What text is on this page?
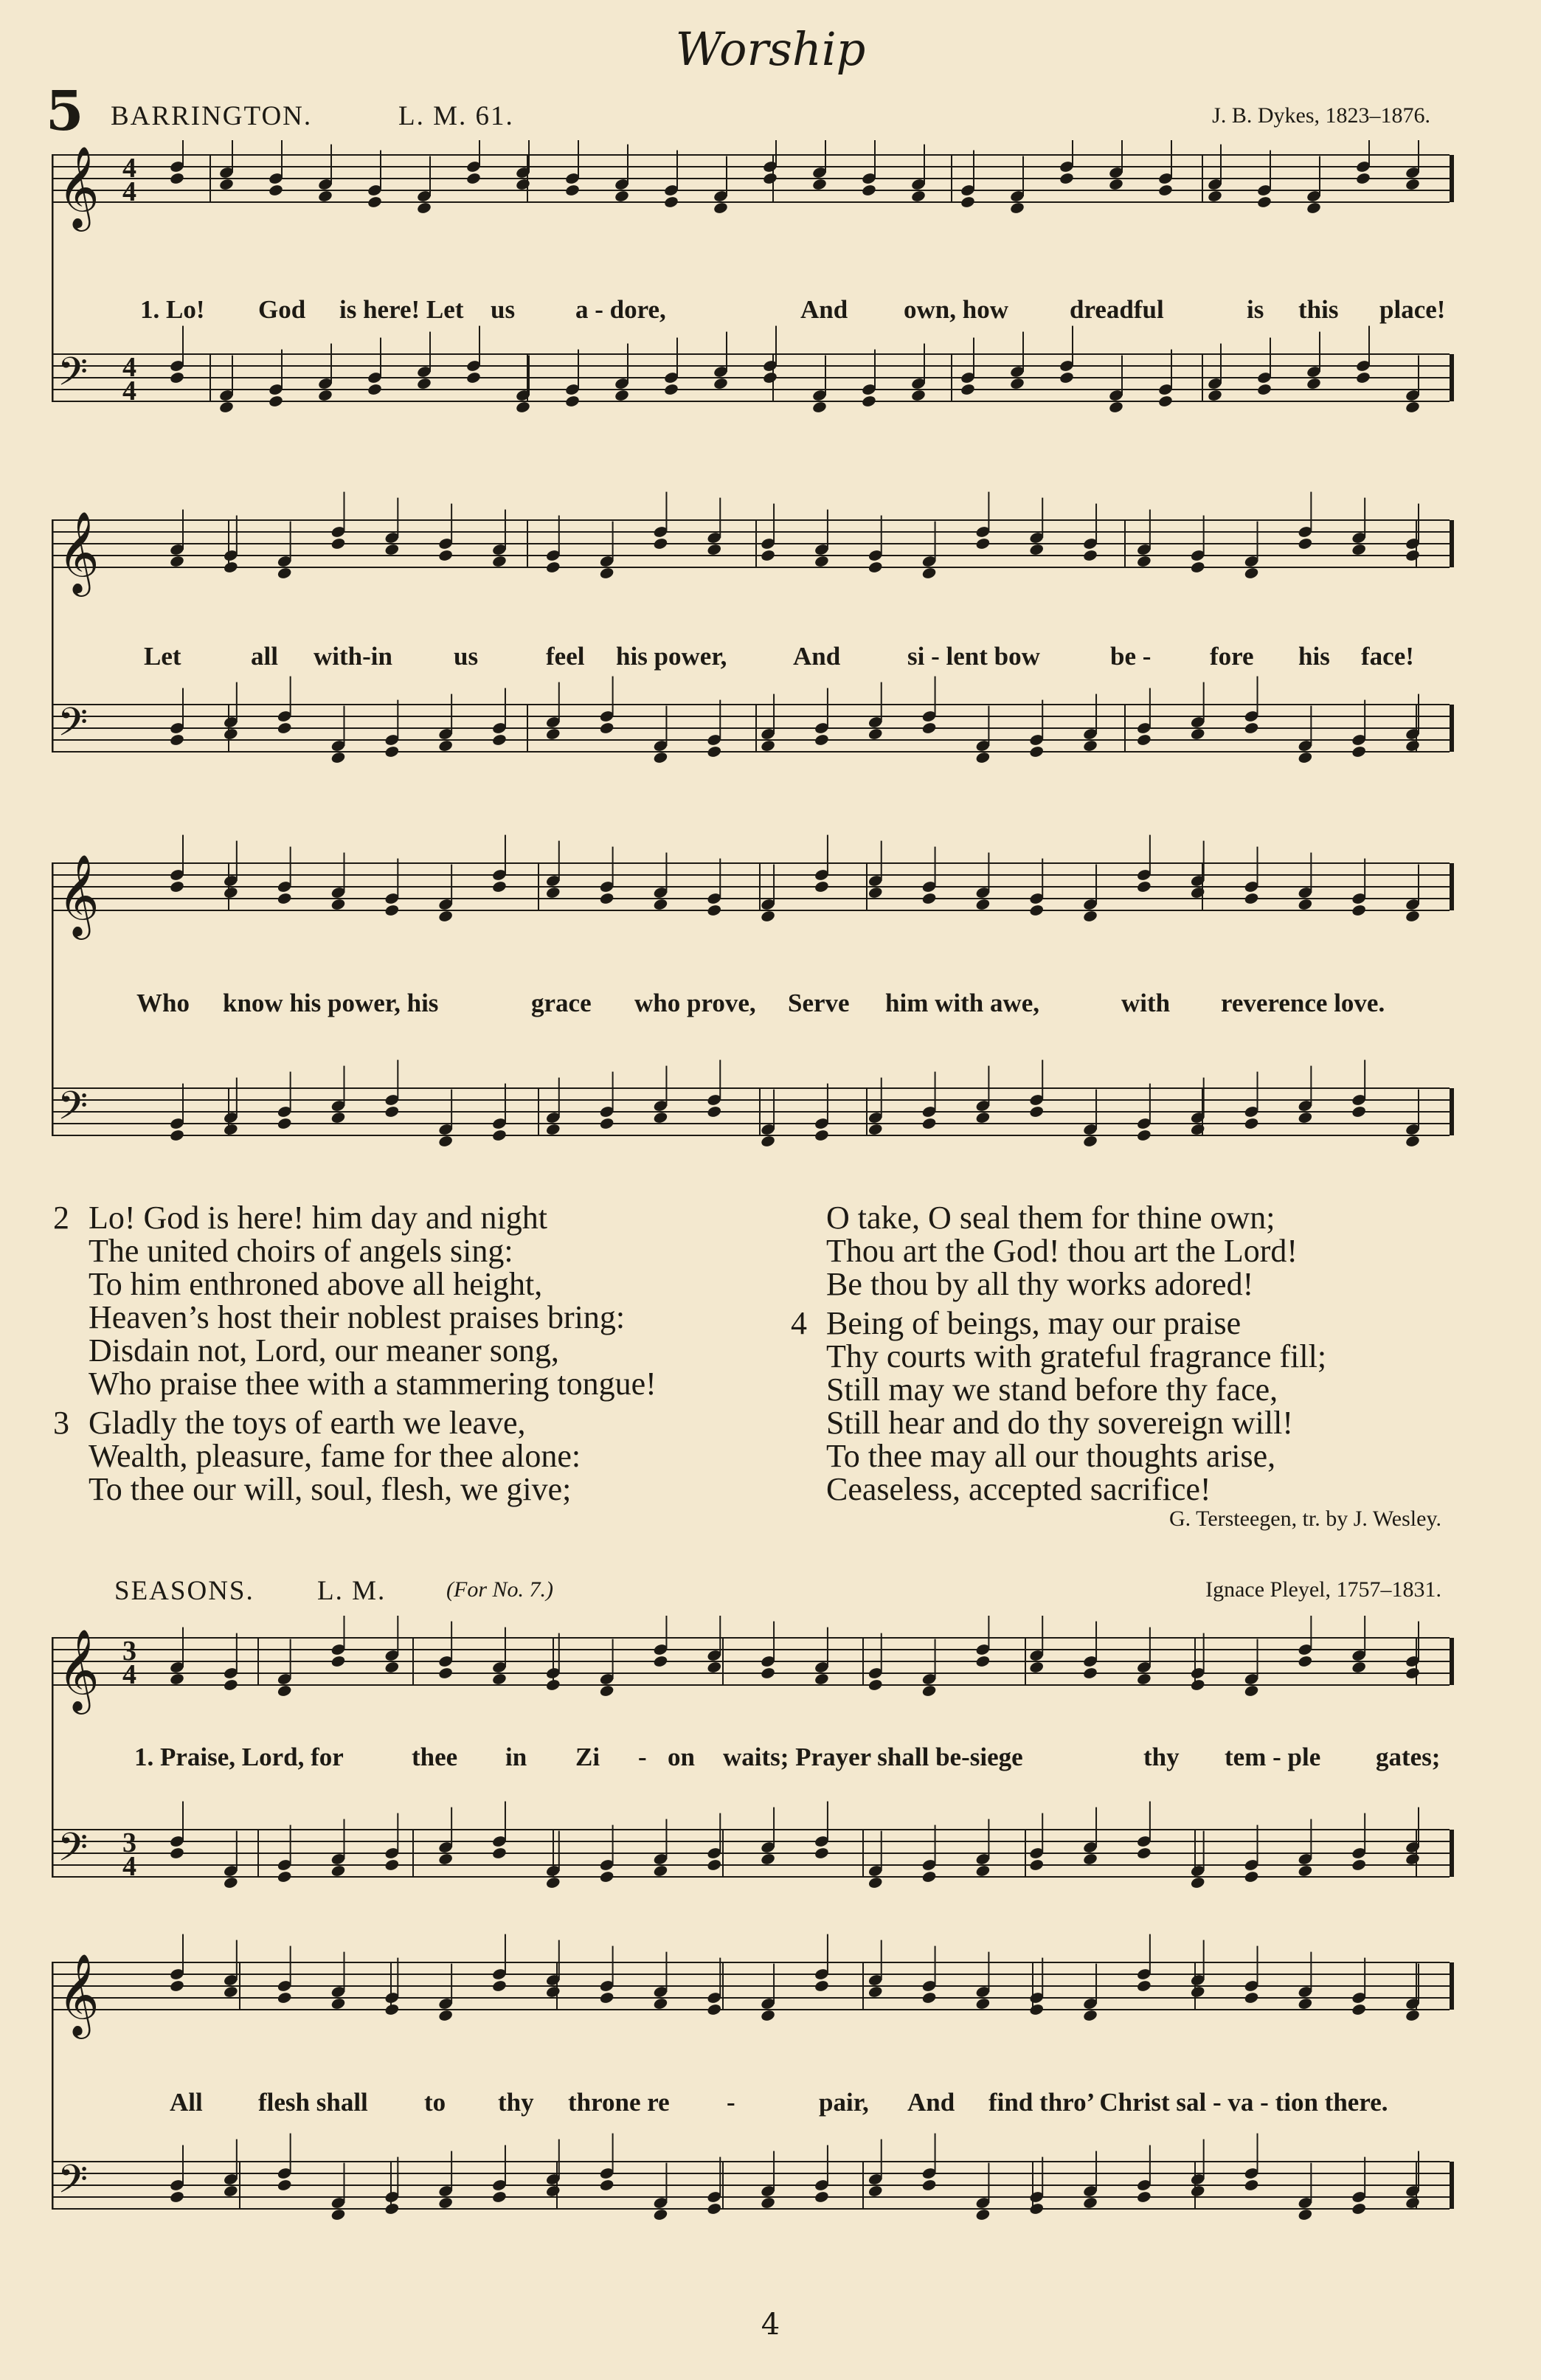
Worship
5 BARRINGTON.	L. M. 61.	J. B. Dykes, 1823–1876.
𝄞
𝄢
4
4
4
4
1. Lo! God is here! Let us a - dore,	And own, how dreadful	is this place!
𝄞
𝄢
Let	all with-in us	feel his power,	And	si - lent bow	be - fore his face!
𝄞
𝄢
Who know his power, his	grace who prove, Serve him with awe,	with reverence love.
2 Lo! God is here! him day and night
The united choirs of angels sing:
To him enthroned above all height,
Heaven’s host their noblest praises bring:
Disdain not, Lord, our meaner song,
Who praise thee with a stammering tongue!
3 Gladly the toys of earth we leave,
Wealth, pleasure, fame for thee alone:
To thee our will, soul, flesh, we give;
O take, O seal them for thine own;
Thou art the God! thou art the Lord!
Be thou by all thy works adored!
4 Being of beings, may our praise
Thy courts with grateful fragrance fill;
Still may we stand before thy face,
Still hear and do thy sovereign will!
To thee may all our thoughts arise,
Ceaseless, accepted sacrifice!
G. Tersteegen, tr. by J. Wesley.
SEASONS. L. M.	(For No. 7.)	Ignace Pleyel, 1757–1831.
𝄞
𝄢
3
4
3
4
1. Praise, Lord, for	thee in Zi - on waits; Prayer shall be-siege	thy tem - ple gates;
𝄞
𝄢
All flesh shall to thy throne re -	pair, And find thro’ Christ sal - va - tion there.
4
